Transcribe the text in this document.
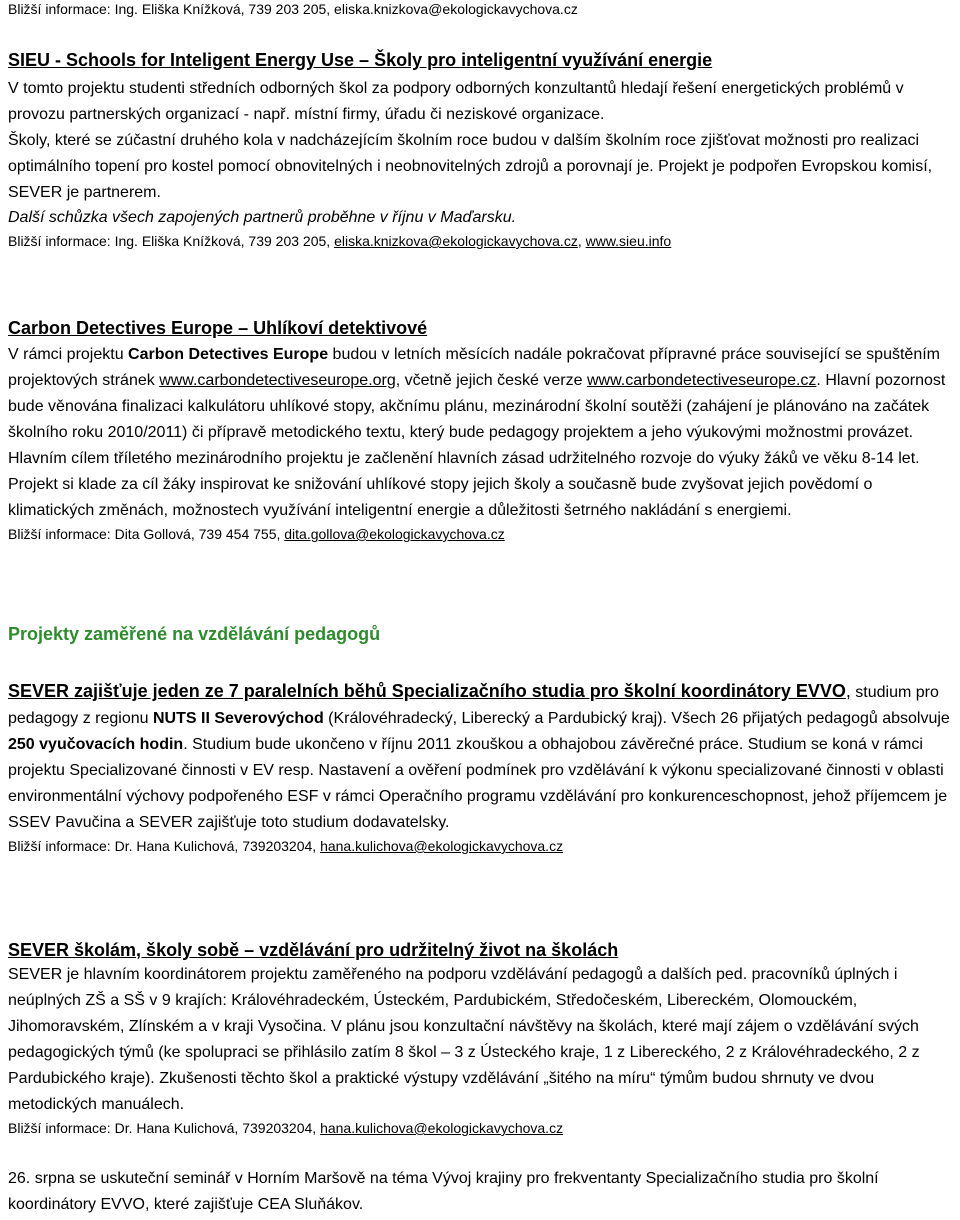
Bližší informace: Ing. Eliška Knížková, 739 203 205, eliska.knizkova@ekologickavychova.cz
SIEU - Schools for Inteligent Energy Use – Školy pro inteligentní využívání energie

V tomto projektu studenti středních odborných škol za podpory odborných konzultantů hledají řešení energetických problémů v provozu partnerských organizací - např. místní firmy, úřadu či neziskové organizace.

Školy, které se zúčastní druhého kola v nadcházejícím školním roce budou v dalším školním roce zjišťovat možnosti pro realizaci optimálního topení pro kostel pomocí obnovitelných i neobnovitelných zdrojů a porovnají je. Projekt je podpořen Evropskou komisí, SEVER je partnerem.

Další schůzka všech zapojených partnerů proběhne v říjnu v Maďarsku.

Bližší informace: Ing. Eliška Knížková, 739 203 205, eliska.knizkova@ekologickavychova.cz, www.sieu.info

Carbon Detectives Europe – Uhlíkoví detektivové

V rámci projektu Carbon Detectives Europe budou v letních měsících nadále pokračovat přípravné práce související se spuštěním projektových stránek www.carbondetectiveseurope.org, včetně jejich české verze www.carbondetectiveseurope.cz. Hlavní pozornost bude věnována finalizaci kalkulátoru uhlíkové stopy, akčnímu plánu, mezinárodní školní soutěži (zahájení je plánováno na začátek školního roku 2010/2011) či přípravě metodického textu, který bude pedagogy projektem a jeho výukovými možnostmi provázet.

Hlavním cílem tříletého mezinárodního projektu je začlenění hlavních zásad udržitelného rozvoje do výuky žáků ve věku 8-14 let. Projekt si klade za cíl žáky inspirovat ke snižování uhlíkové stopy jejich školy a současně bude zvyšovat jejich povědomí o klimatických změnách, možnostech využívání inteligentní energie a důležitosti šetrného nakládání s energiemi.

Bližší informace: Dita Gollová, 739 454 755, dita.gollova@ekologickavychova.cz

Projekty zaměřené na vzdělávání pedagogů

SEVER zajišťuje jeden ze 7 paralelních běhů Specializačního studia pro školní koordinátory EVVO, studium pro pedagogy z regionu NUTS II Severovýchod (Královéhradecký, Liberecký a Pardubický kraj). Všech 26 přijatých pedagogů absolvuje 250 vyučovacích hodin. Studium bude ukončeno v říjnu 2011 zkouškou a obhajobou závěrečné práce. Studium se koná v rámci projektu Specializované činnosti v EV resp. Nastavení a ověření podmínek pro vzdělávání k výkonu specializované činnosti v oblasti environmentální výchovy podpořeného ESF v rámci Operačního programu vzdělávání pro konkurenceschopnost, jehož příjemcem je SSEV Pavučina a SEVER zajišťuje toto studium dodavatelsky.

Bližší informace: Dr. Hana Kulichová, 739203204, hana.kulichova@ekologickavychova.cz

SEVER školám, školy sobě – vzdělávání pro udržitelný život na školách

SEVER je hlavním koordinátorem projektu zaměřeného na podporu vzdělávání pedagogů a dalších ped. pracovníků úplných i neúplných ZŠ a SŠ v 9 krajích: Královéhradeckém, Ústeckém, Pardubickém, Středočeském, Libereckém, Olomouckém, Jihomoravském, Zlínském a v kraji Vysočina. V plánu jsou konzultační návštěvy na školách, které mají zájem o vzdělávání svých pedagogických týmů (ke spolupraci se přihlásilo zatím 8 škol – 3 z Ústeckého kraje, 1 z Libereckého, 2 z Královéhradeckého, 2 z Pardubického kraje). Zkušenosti těchto škol a praktické výstupy vzdělávání „šitého na míru“ týmům budou shrnuty ve dvou metodických manuálech.

Bližší informace: Dr. Hana Kulichová, 739203204, hana.kulichova@ekologickavychova.cz

26. srpna se uskuteční seminář v Horním Maršově na téma Vývoj krajiny pro frekventanty Specializačního studia pro školní koordinátory EVVO, které zajišťuje CEA Sluňákov.
